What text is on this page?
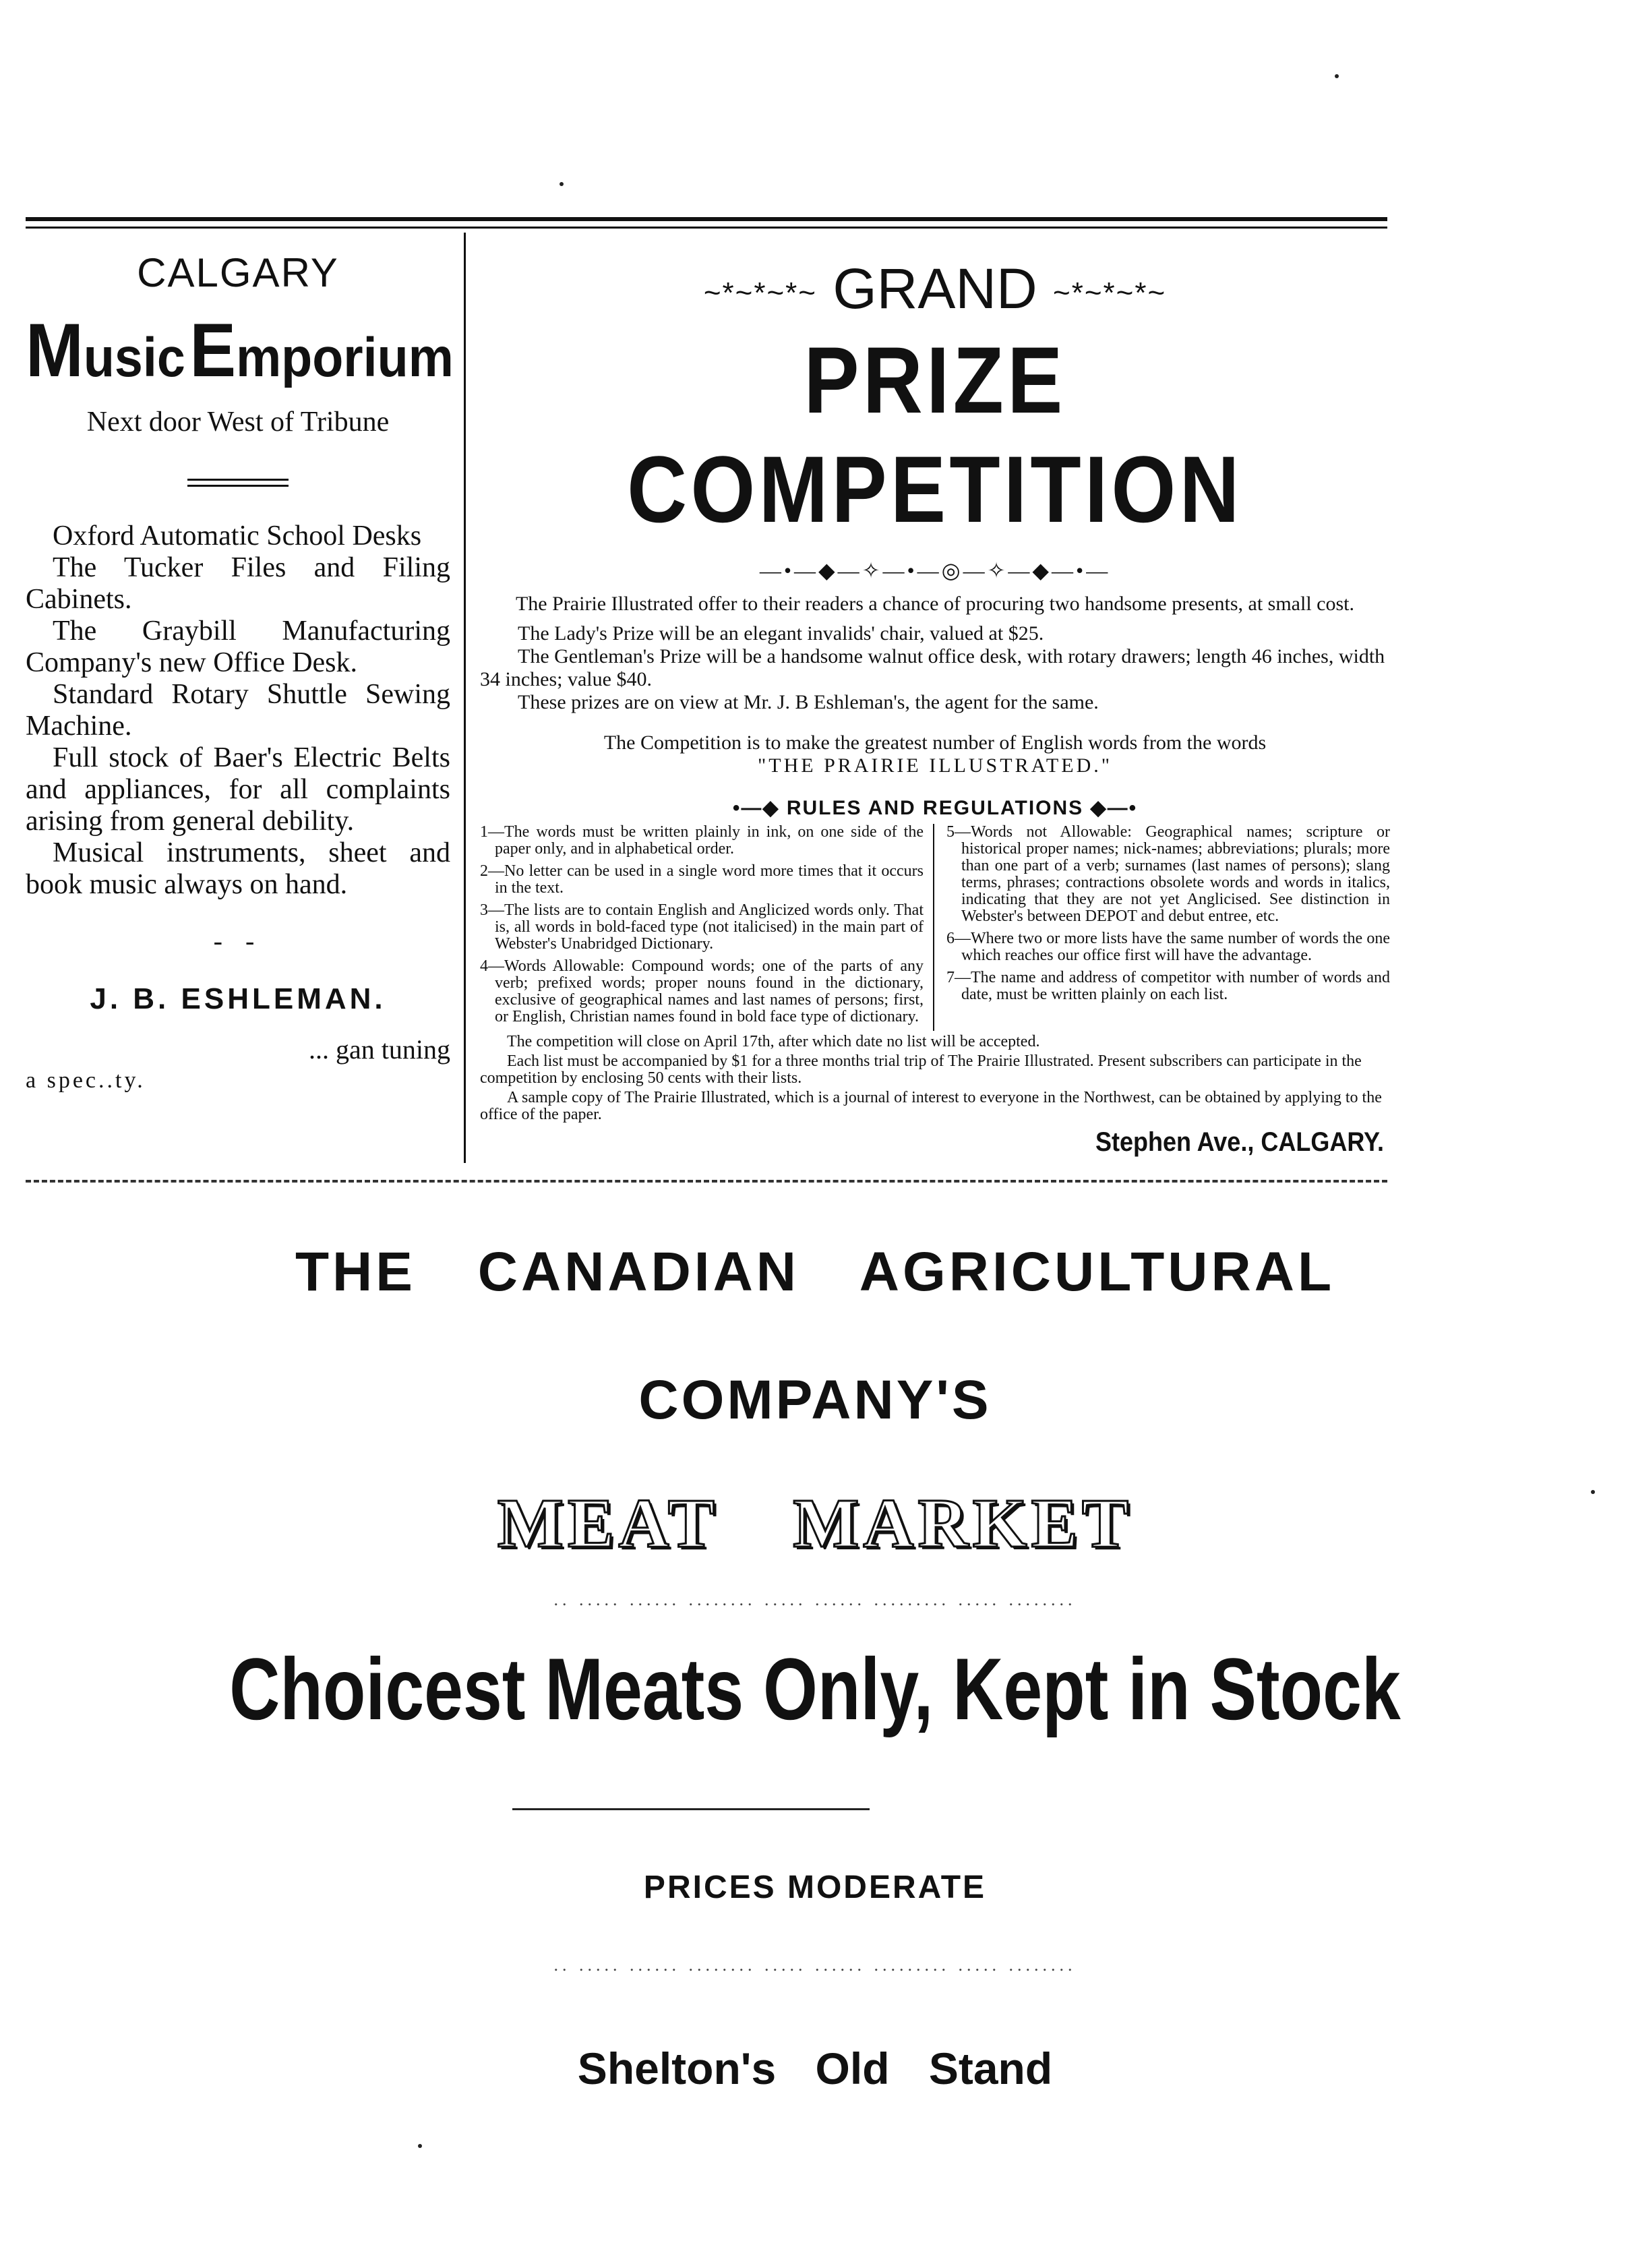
CALGARY
Music Emporium
Next door West of Tribune

Oxford Automatic School Desks

The Tucker Files and Filing Cabinets.

The Graybill Manufacturing Company's new Office Desk.

Standard Rotary Shuttle Sewing Machine.

Full stock of Baer's Electric Belts and appliances, for all complaints arising from general debility.

Musical instruments, sheet and book music always on hand.

- -
J. B. ESHLEMAN.
... gan tuning
a spec..ty.
~*~*~*~ GRAND ~*~*~*~
PRIZE COMPETITION
—•—◆—✧—•—◎—✧—◆—•—

The Prairie Illustrated offer to their readers a chance of procuring two handsome presents, at small cost.

The Lady's Prize will be an elegant invalids' chair, valued at $25.

The Gentleman's Prize will be a handsome walnut office desk, with rotary drawers; length 46 inches, width 34 inches; value $40.

These prizes are on view at Mr. J. B Eshleman's, the agent for the same.

The Competition is to make the greatest number of English words from the words

"THE PRAIRIE ILLUSTRATED."

•—◆ RULES AND REGULATIONS ◆—•

1—The words must be written plainly in ink, on one side of the paper only, and in alphabetical order.

2—No letter can be used in a single word more times that it occurs in the text.

3—The lists are to contain English and Anglicized words only. That is, all words in bold-faced type (not italicised) in the main part of Webster's Unabridged Dictionary.

4—Words Allowable: Compound words; one of the parts of any verb; prefixed words; proper nouns found in the dictionary, exclusive of geographical names and last names of persons; first, or English, Christian names found in bold face type of dictionary.

5—Words not Allowable: Geographical names; scripture or historical proper names; nick-names; abbreviations; plurals; more than one part of a verb; surnames (last names of persons); slang terms, phrases; contractions obsolete words and words in italics, indicating that they are not yet Anglicised. See distinction in Webster's between DEPOT and debut entree, etc.

6—Where two or more lists have the same number of words the one which reaches our office first will have the advantage.

7—The name and address of competitor with number of words and date, must be written plainly on each list.

The competition will close on April 17th, after which date no list will be accepted.

Each list must be accompanied by $1 for a three months trial trip of The Prairie Illustrated. Present subscribers can participate in the competition by enclosing 50 cents with their lists.

A sample copy of The Prairie Illustrated, which is a journal of interest to everyone in the Northwest, can be obtained by applying to the office of the paper.

Stephen Ave., CALGARY.
THE CANADIAN AGRICULTURAL
COMPANY'S
MEAT MARKET
.. ..... ...... ........ ..... ...... ......... ..... ........
Choicest Meats Only, Kept in Stock
PRICES MODERATE
.. ..... ...... ........ ..... ...... ......... ..... ........
Shelton's Old Stand
